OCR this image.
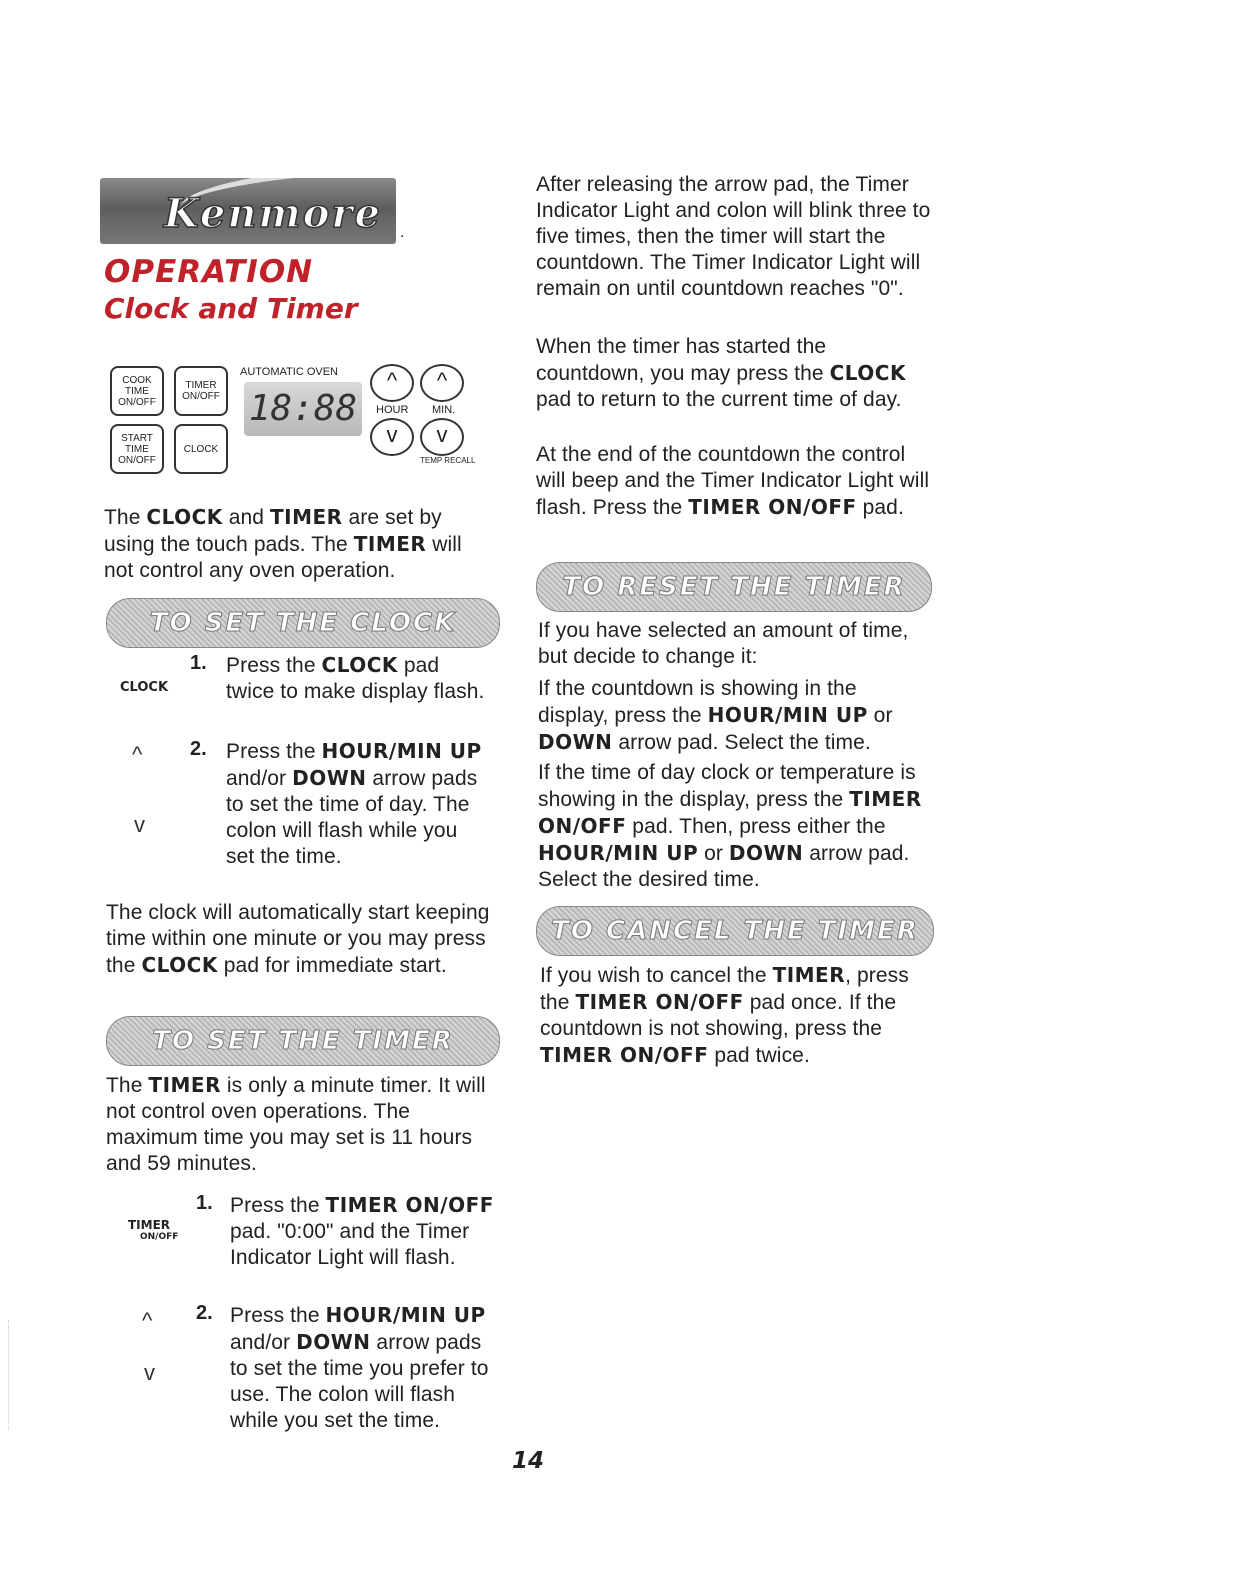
Kenmore .
OPERATION
Clock and Timer
COOK TIME ON/OFF
TIMER ON/OFF
START TIME ON/OFF
CLOCK
AUTOMATIC OVEN
18:88
^	^
HOUR MIN.
v	v
TEMP RECALL

The CLOCK and TIMER are set by using the touch pads. The TIMER will not control any oven operation.

TO SET THE CLOCK
1.
CLOCK

Press the CLOCK pad twice to make display flash.

2.
^
v

Press the HOUR/MIN UP and/or DOWN arrow pads to set the time of day. The colon will flash while you set the time.

The clock will automatically start keeping time within one minute or you may press the CLOCK pad for immediate start.

TO SET THE TIMER

The TIMER is only a minute timer. It will not control oven operations. The maximum time you may set is 11 hours and 59 minutes.

1.
TIMER
ON/OFF

Press the TIMER ON/OFF pad. "0:00" and the Timer Indicator Light will flash.

2.
^
v

Press the HOUR/MIN UP and/or DOWN arrow pads to set the time you prefer to use. The colon will flash while you set the time.

After releasing the arrow pad, the Timer Indicator Light and colon will blink three to five times, then the timer will start the countdown. The Timer Indicator Light will remain on until countdown reaches "0".

When the timer has started the countdown, you may press the CLOCK pad to return to the current time of day.

At the end of the countdown the control will beep and the Timer Indicator Light will flash. Press the TIMER ON/OFF pad.

TO RESET THE TIMER

If you have selected an amount of time, but decide to change it:

If the countdown is showing in the display, press the HOUR/MIN UP or DOWN arrow pad. Select the time.

If the time of day clock or temperature is showing in the display, press the TIMER ON/OFF pad. Then, press either the HOUR/MIN UP or DOWN arrow pad. Select the desired time.

TO CANCEL THE TIMER

If you wish to cancel the TIMER, press the TIMER ON/OFF pad once. If the countdown is not showing, press the TIMER ON/OFF pad twice.

14
